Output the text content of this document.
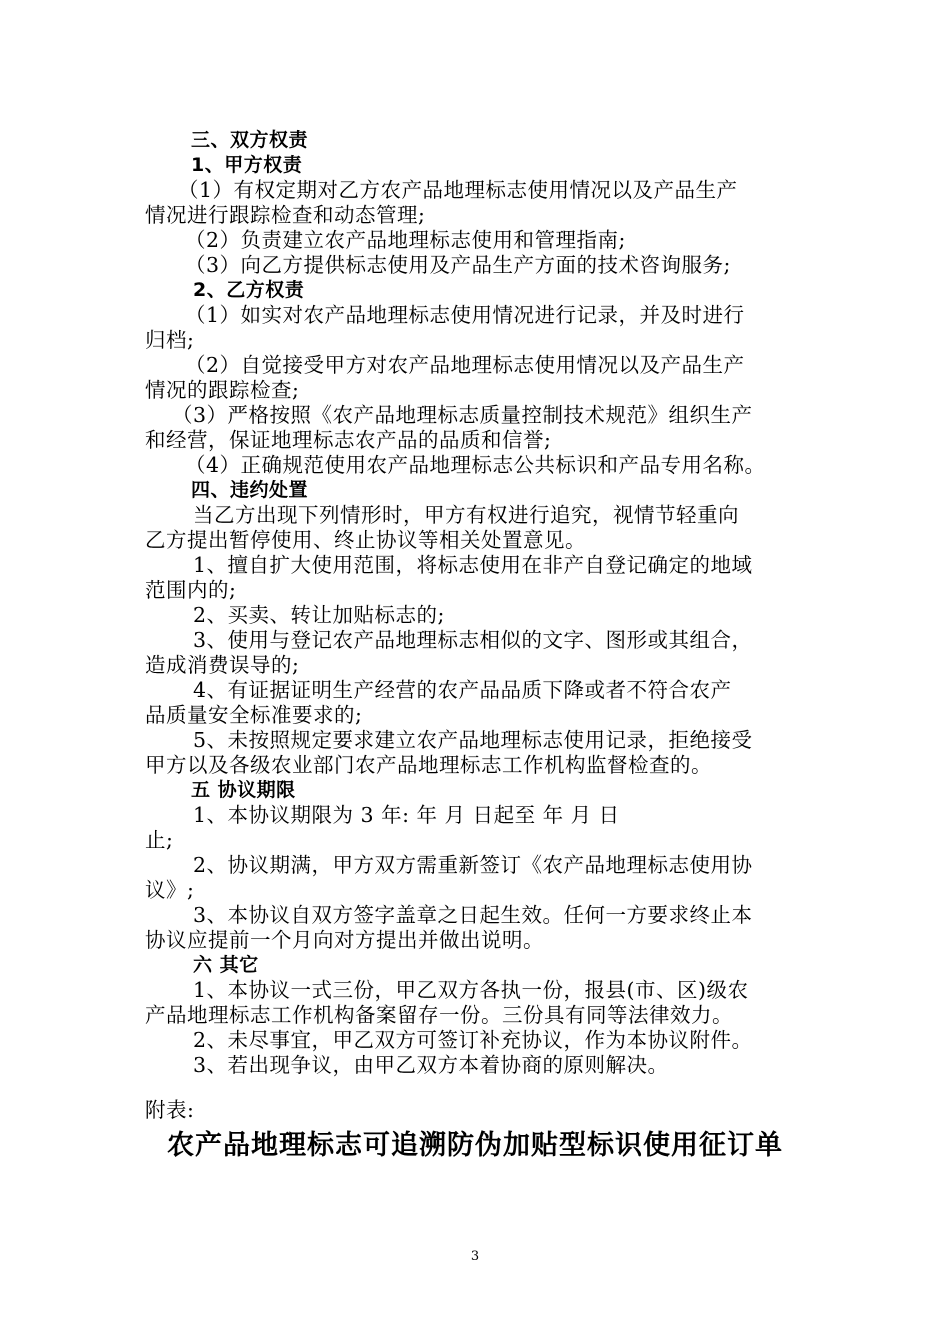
三、双方权责
1、甲方权责
（1）有权定期对乙方农产品地理标志使用情况以及产品生产
情况进行跟踪检查和动态管理;
（2）负责建立农产品地理标志使用和管理指南;
（3）向乙方提供标志使用及产品生产方面的技术咨询服务;
2、乙方权责
（1）如实对农产品地理标志使用情况进行记录，并及时进行
归档;
（2）自觉接受甲方对农产品地理标志使用情况以及产品生产
情况的跟踪检查;
（3）严格按照《农产品地理标志质量控制技术规范》组织生产
和经营，保证地理标志农产品的品质和信誉;
（4）正确规范使用农产品地理标志公共标识和产品专用名称。
四、违约处置
当乙方出现下列情形时，甲方有权进行追究，视情节轻重向
乙方提出暂停使用、终止协议等相关处置意见。
1、擅自扩大使用范围，将标志使用在非产自登记确定的地域
范围内的;
2、买卖、转让加贴标志的;
3、使用与登记农产品地理标志相似的文字、图形或其组合，
造成消费误导的;
4、有证据证明生产经营的农产品品质下降或者不符合农产
品质量安全标准要求的;
5、未按照规定要求建立农产品地理标志使用记录，拒绝接受
甲方以及各级农业部门农产品地理标志工作机构监督检查的。
五 协议期限
1、本协议期限为 3 年: 年 月 日起至 年 月 日
止;
2、协议期满，甲方双方需重新签订《农产品地理标志使用协
议》;
3、本协议自双方签字盖章之日起生效。任何一方要求终止本
协议应提前一个月向对方提出并做出说明。
六 其它
1、本协议一式三份，甲乙双方各执一份，报县(市、区)级农
产品地理标志工作机构备案留存一份。三份具有同等法律效力。
2、未尽事宜，甲乙双方可签订补充协议，作为本协议附件。
3、若出现争议，由甲乙双方本着协商的原则解决。
附表:
农产品地理标志可追溯防伪加贴型标识使用征订单
3
